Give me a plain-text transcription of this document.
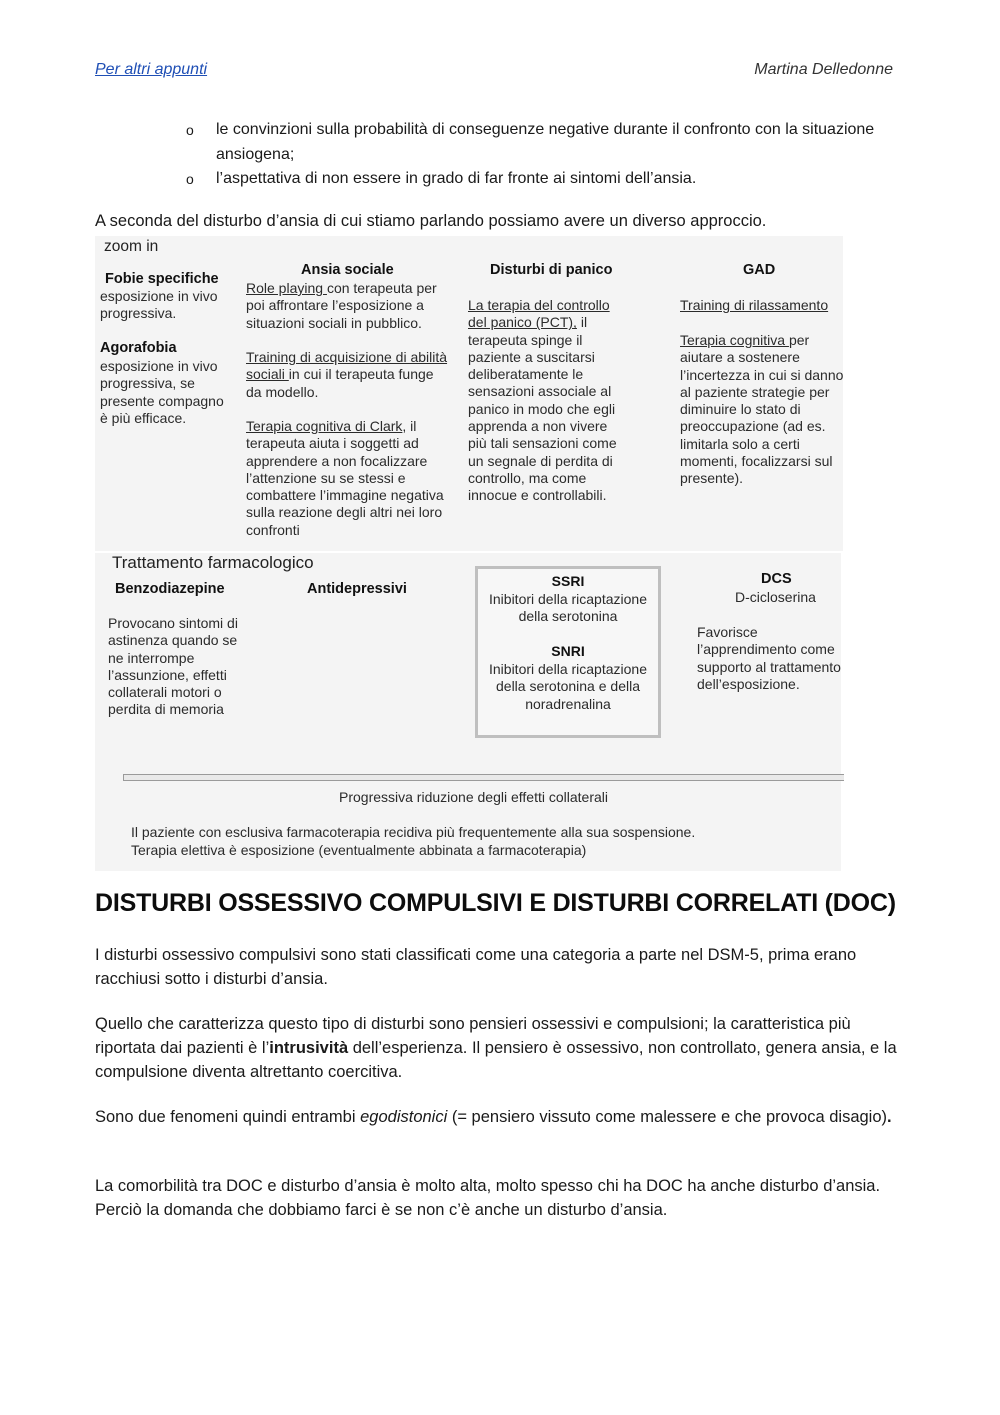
Per altri appunti	Martina Delledonne
o le convinzioni sulla probabilità di conseguenze negative durante il confronto con la situazione ansiogena;
o l’aspettativa di non essere in grado di far fronte ai sintomi dell’ansia.
A seconda del disturbo d’ansia di cui stiamo parlando possiamo avere un diverso approccio.
zoom in
Fobie specifiche
esposizione in vivo progressiva.
Agorafobia
esposizione in vivo progressiva, se presente compagno è più efficace.
Ansia sociale
Role playing con terapeuta per poi affrontare l’esposizione a situazioni sociali in pubblico.
Training di acquisizione di abilità sociali in cui il terapeuta funge da modello.
Terapia cognitiva di Clark, il terapeuta aiuta i soggetti ad apprendere a non focalizzare l’attenzione su se stessi e combattere l’immagine negativa sulla reazione degli altri nei loro confronti
Disturbi di panico
La terapia del controllo del panico (PCT), il terapeuta spinge il paziente a suscitarsi deliberatamente le sensazioni associale al panico in modo che egli apprenda a non vivere più tali sensazioni come un segnale di perdita di controllo, ma come innocue e controllabili.
GAD
Training di rilassamento
Terapia cognitiva per aiutare a sostenere l’incertezza in cui si danno al paziente strategie per diminuire lo stato di preoccupazione (ad es. limitarla solo a certi momenti, focalizzarsi sul presente).
Trattamento farmacologico
Benzodiazepine
Provocano sintomi di astinenza quando se ne interrompe l’assunzione, effetti collaterali motori o perdita di memoria
Antidepressivi	SSRI
Inibitori della ricaptazione della serotonina
SNRI
Inibitori della ricaptazione della serotonina e della noradrenalina
DCS
D-cicloserina
Favorisce l’apprendimento come supporto al trattamento dell’esposizione.
Progressiva riduzione degli effetti collaterali
Il paziente con esclusiva farmacoterapia recidiva più frequentemente alla sua sospensione.
Terapia elettiva è esposizione (eventualmente abbinata a farmacoterapia)
DISTURBI OSSESSIVO COMPULSIVI E DISTURBI CORRELATI (DOC)
I disturbi ossessivo compulsivi sono stati classificati come una categoria a parte nel DSM-5, prima erano racchiusi sotto i disturbi d’ansia.
Quello che caratterizza questo tipo di disturbi sono pensieri ossessivi e compulsioni; la caratteristica più riportata dai pazienti è l’intrusività dell’esperienza. Il pensiero è ossessivo, non controllato, genera ansia, e la compulsione diventa altrettanto coercitiva.
Sono due fenomeni quindi entrambi egodistonici (= pensiero vissuto come malessere e che provoca disagio).
La comorbilità tra DOC e disturbo d’ansia è molto alta, molto spesso chi ha DOC ha anche disturbo d’ansia. Perciò la domanda che dobbiamo farci è se non c’è anche un disturbo d’ansia.
